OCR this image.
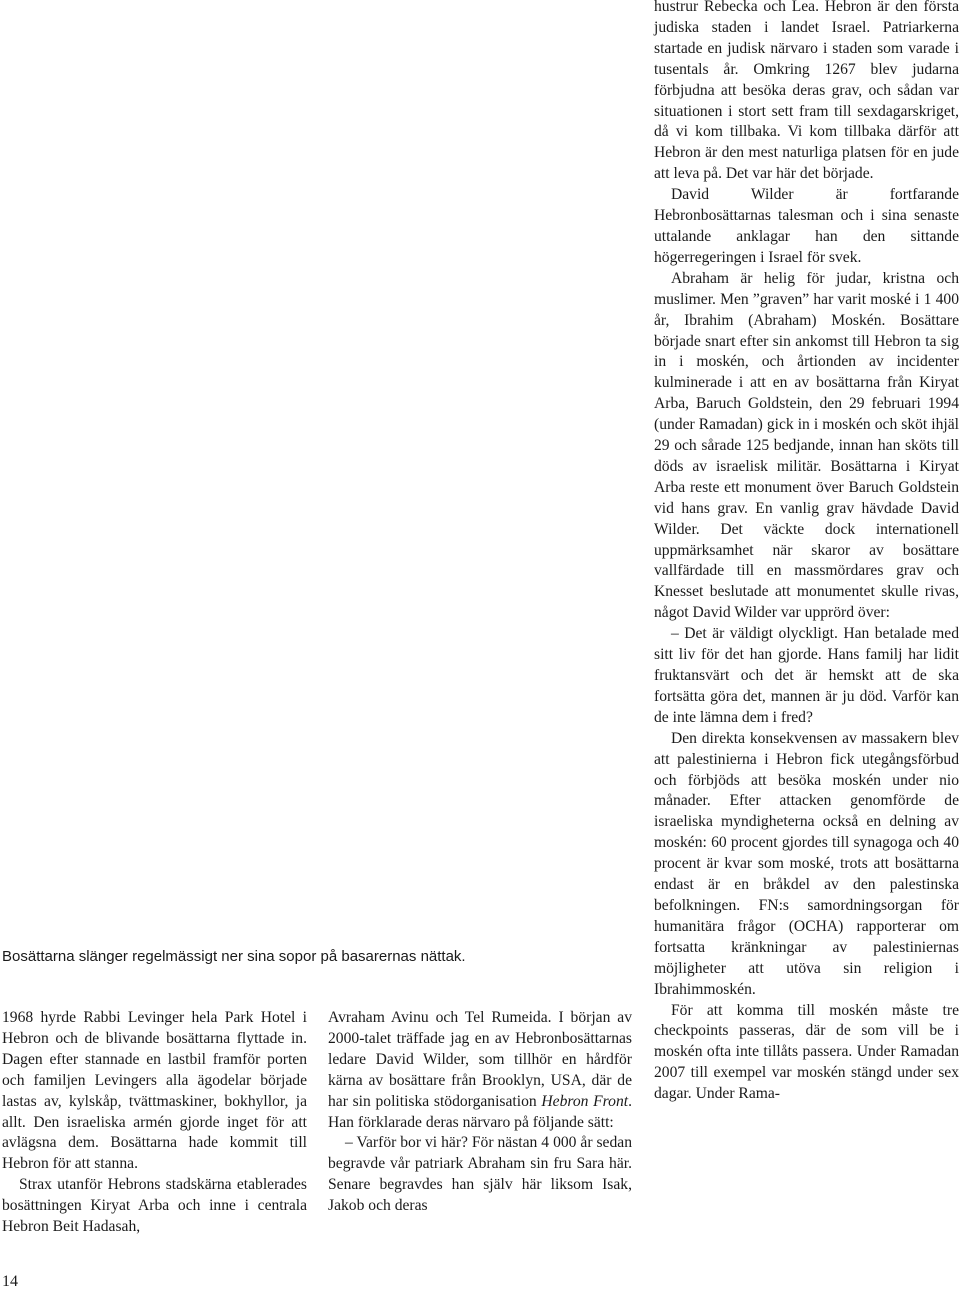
Bosättarna slänger regelmässigt ner sina sopor på basarernas nättak.

1968 hyrde Rabbi Levinger hela Park Hotel i Hebron och de blivande bosättarna flyttade in. Dagen efter stannade en lastbil framför porten och familjen Levingers alla ägodelar började lastas av, kylskåp, tvättmaskiner, bokhyllor, ja allt. Den israeliska armén gjorde inget för att avlägsna dem. Bosättarna hade kommit till Hebron för att stanna.

Strax utanför Hebrons stadskärna etablerades bosättningen Kiryat Arba och inne i centrala Hebron Beit Hadasah,

Avraham Avinu och Tel Rumeida. I början av 2000-talet träffade jag en av Hebronbosättarnas ledare David Wilder, som tillhör en hårdför kärna av bosättare från Brooklyn, USA, där de har sin politiska stödorganisation Hebron Front. Han förklarade deras närvaro på följande sätt:

– Varför bor vi här? För nästan 4 000 år sedan begravde vår patriark Abraham sin fru Sara här. Senare begravdes han själv här liksom Isak, Jakob och deras

hustrur Rebecka och Lea. Hebron är den första judiska staden i landet Israel. Patriarkerna startade en judisk närvaro i staden som varade i tusentals år. Omkring 1267 blev judarna förbjudna att besöka deras grav, och sådan var situationen i stort sett fram till sexdagarskriget, då vi kom tillbaka. Vi kom tillbaka därför att Hebron är den mest naturliga platsen för en jude att leva på. Det var här det började.

David Wilder är fortfarande Hebronbosättarnas talesman och i sina senaste uttalande anklagar han den sittande högerregeringen i Israel för svek.

Abraham är helig för judar, kristna och muslimer. Men ”graven” har varit moské i 1 400 år, Ibrahim (Abraham) Moskén. Bosättare började snart efter sin ankomst till Hebron ta sig in i moskén, och årtionden av incidenter kulminerade i att en av bosättarna från Kiryat Arba, Baruch Goldstein, den 29 februari 1994 (under Ramadan) gick in i moskén och sköt ihjäl 29 och sårade 125 bedjande, innan han sköts till döds av israelisk militär. Bosättarna i Kiryat Arba reste ett monument över Baruch Goldstein vid hans grav. En vanlig grav hävdade David Wilder. Det väckte dock internationell uppmärksamhet när skaror av bosättare vallfärdade till en massmördares grav och Knesset beslutade att monumentet skulle rivas, något David Wilder var upprörd över:

– Det är väldigt olyckligt. Han betalade med sitt liv för det han gjorde. Hans familj har lidit fruktansvärt och det är hemskt att de ska fortsätta göra det, mannen är ju död. Varför kan de inte lämna dem i fred?

Den direkta konsekvensen av massakern blev att palestinierna i Hebron fick utegångsförbud och förbjöds att besöka moskén under nio månader. Efter attacken genomförde de israeliska myndigheterna också en delning av moskén: 60 procent gjordes till synagoga och 40 procent är kvar som moské, trots att bosättarna endast är en bråkdel av den palestinska befolkningen. FN:s samordningsorgan för humanitära frågor (OCHA) rapporterar om fortsatta kränkningar av palestiniernas möjligheter att utöva sin religion i Ibrahimmoskén.

För att komma till moskén måste tre checkpoints passeras, där de som vill be i moskén ofta inte tillåts passera. Under Ramadan 2007 till exempel var moskén stängd under sex dagar. Under Rama-

14
